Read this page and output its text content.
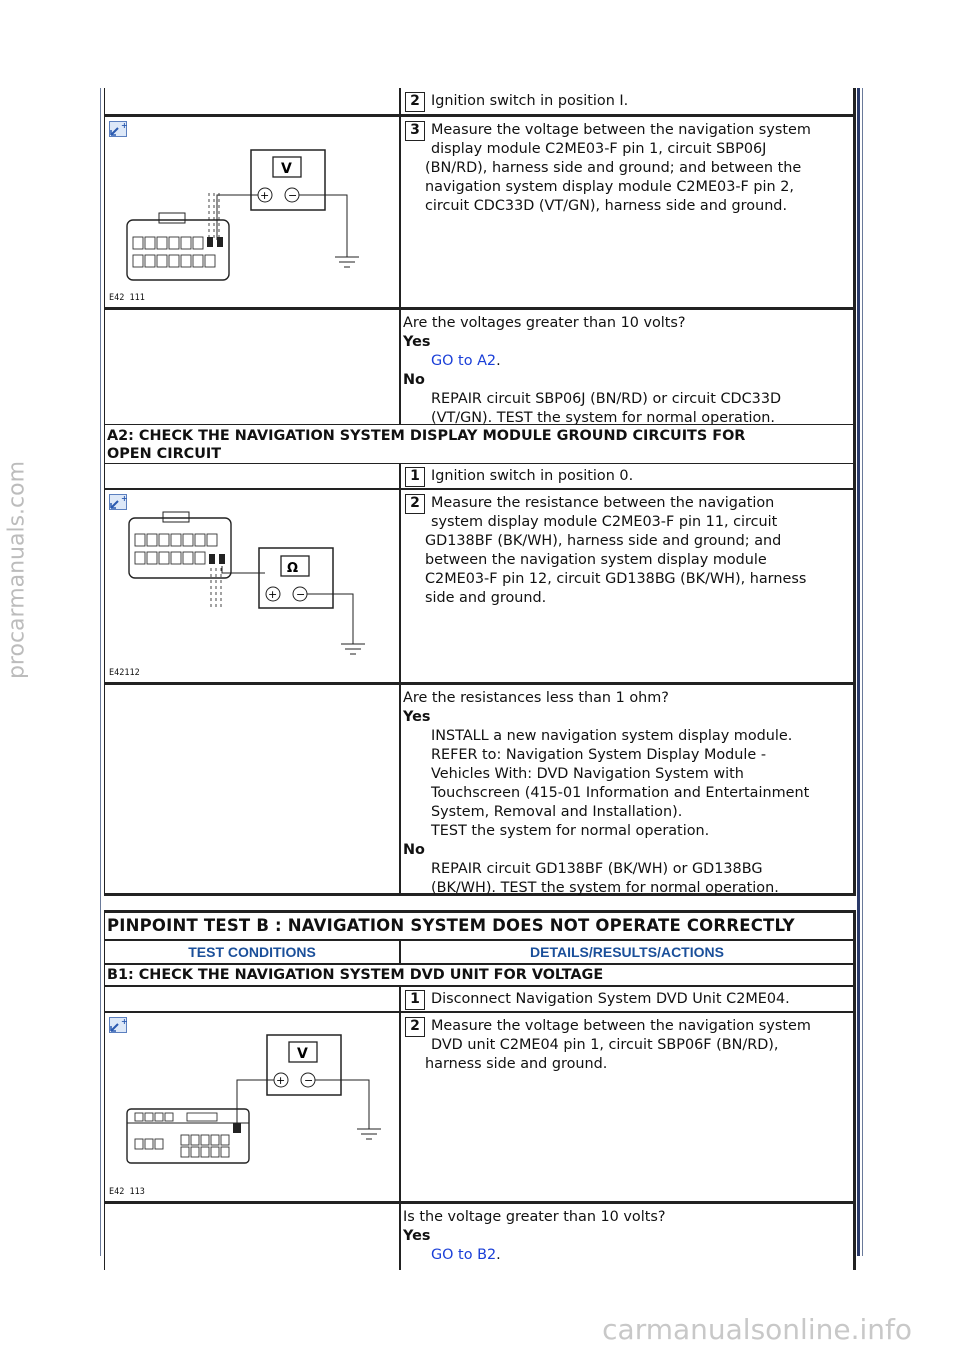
procarmanuals.com
carmanualsonline.info
2 Ignition switch in position I.
+
V
+ −
E42 111
3 Measure the voltage between the navigation system
display module C2ME03-F pin 1, circuit SBP06J
(BN/RD), harness side and ground; and between the
navigation system display module C2ME03-F pin 2,
circuit CDC33D (VT/GN), harness side and ground.
Are the voltages greater than 10 volts?
Yes
GO to A2.
No
REPAIR circuit SBP06J (BN/RD) or circuit CDC33D
(VT/GN). TEST the system for normal operation.
A2: CHECK THE NAVIGATION SYSTEM DISPLAY MODULE GROUND CIRCUITS FOR
OPEN CIRCUIT
1 Ignition switch in position 0.
+
Ω
+ −
E42112
2 Measure the resistance between the navigation
system display module C2ME03-F pin 11, circuit
GD138BF (BK/WH), harness side and ground; and
between the navigation system display module
C2ME03-F pin 12, circuit GD138BG (BK/WH), harness
side and ground.
Are the resistances less than 1 ohm?
Yes
INSTALL a new navigation system display module.
REFER to: Navigation System Display Module -
Vehicles With: DVD Navigation System with
Touchscreen (415-01 Information and Entertainment
System, Removal and Installation).
TEST the system for normal operation.
No
REPAIR circuit GD138BF (BK/WH) or GD138BG
(BK/WH). TEST the system for normal operation.
PINPOINT TEST B : NAVIGATION SYSTEM DOES NOT OPERATE CORRECTLY
TEST CONDITIONS	DETAILS/RESULTS/ACTIONS
B1: CHECK THE NAVIGATION SYSTEM DVD UNIT FOR VOLTAGE
1 Disconnect Navigation System DVD Unit C2ME04.
+
V
+ −
E42 113
2 Measure the voltage between the navigation system
DVD unit C2ME04 pin 1, circuit SBP06F (BN/RD),
harness side and ground.
Is the voltage greater than 10 volts?
Yes
GO to B2.
